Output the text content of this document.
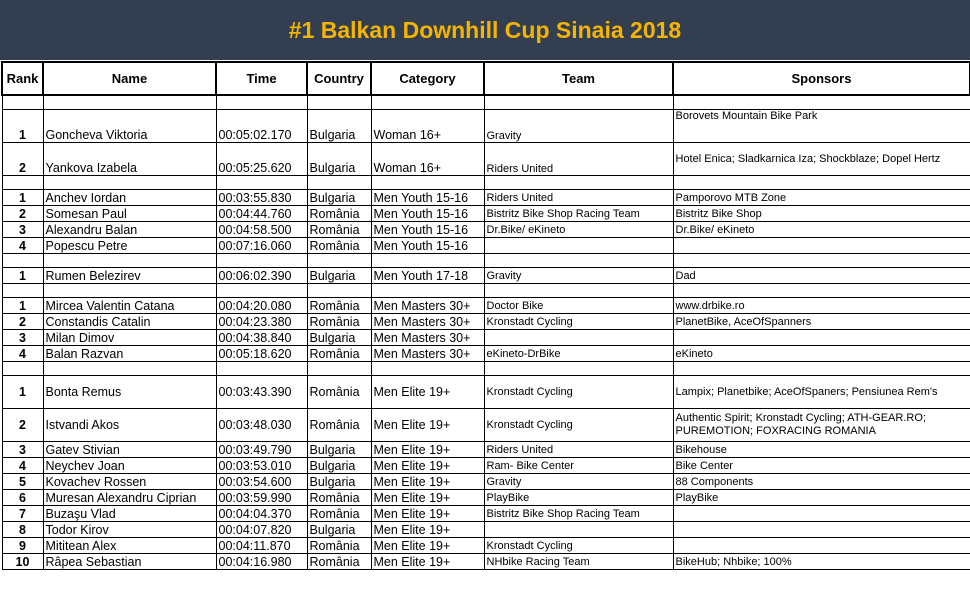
#1 Balkan Downhill Cup Sinaia 2018
Rank	Name	Time	Country	Category	Team	Sponsors

1	Goncheva Viktoria	00:05:02.170	Bulgaria	Woman 16+	Gravity	Borovets Mountain Bike Park
2	Yankova Izabela	00:05:25.620	Bulgaria	Woman 16+	Riders United	Hotel Enica; Sladkarnica Iza; Shockblaze; Dopel Hertz

1	Anchev Iordan	00:03:55.830	Bulgaria	Men Youth 15-16	Riders United	Pamporovo MTB Zone
2	Somesan Paul	00:04:44.760	România	Men Youth 15-16	Bistritz Bike Shop Racing Team	Bistritz Bike Shop
3	Alexandru Balan	00:04:58.500	România	Men Youth 15-16	Dr.Bike/ eKineto	Dr.Bike/ eKineto
4	Popescu Petre	00:07:16.060	România	Men Youth 15-16		

1	Rumen Belezirev	00:06:02.390	Bulgaria	Men Youth 17-18	Gravity	Dad

1	Mircea Valentin Catana	00:04:20.080	România	Men Masters 30+	Doctor Bike	www.drbike.ro
2	Constandis Catalin	00:04:23.380	România	Men Masters 30+	Kronstadt Cycling	PlanetBike, AceOfSpanners
3	Milan Dimov	00:04:38.840	Bulgaria	Men Masters 30+		
4	Balan Razvan	00:05:18.620	România	Men Masters 30+	eKineto-DrBike	eKineto

1	Bonta Remus	00:03:43.390	România	Men Elite 19+	Kronstadt Cycling	Lampix; Planetbike; AceOfSpaners; Pensiunea Rem's
2	Istvandi Akos	00:03:48.030	România	Men Elite 19+	Kronstadt Cycling	Authentic Spirit; Kronstadt Cycling; ATH-GEAR.RO; PUREMOTION; FOXRACING ROMANIA
3	Gatev Stivian	00:03:49.790	Bulgaria	Men Elite 19+	Riders United	Bikehouse
4	Neychev Joan	00:03:53.010	Bulgaria	Men Elite 19+	Ram- Bike Center	Bike Center
5	Kovachev Rossen	00:03:54.600	Bulgaria	Men Elite 19+	Gravity	88 Components
6	Muresan Alexandru Ciprian	00:03:59.990	România	Men Elite 19+	PlayBike	PlayBike
7	Buzaşu Vlad	00:04:04.370	România	Men Elite 19+	Bistritz Bike Shop Racing Team	
8	Todor Kirov	00:04:07.820	Bulgaria	Men Elite 19+		
9	Mititean Alex	00:04:11.870	România	Men Elite 19+	Kronstadt Cycling	
10	Râpea Sebastian	00:04:16.980	România	Men Elite 19+	NHbike Racing Team	BikeHub; Nhbike; 100%
